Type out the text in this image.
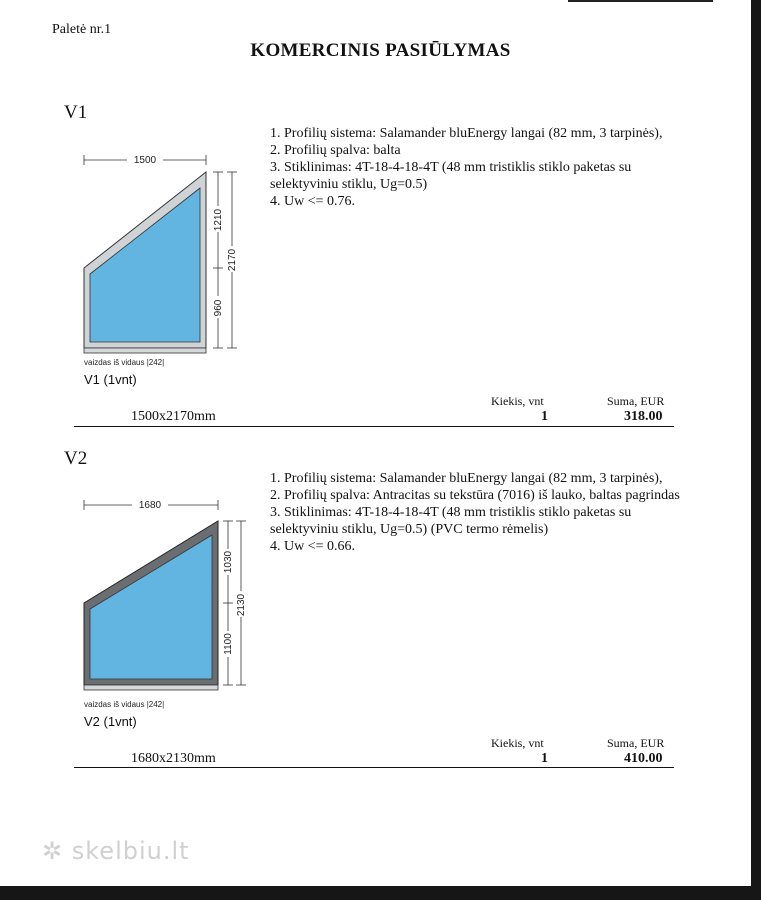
Paletė nr.1
KOMERCINIS PASIŪLYMAS
V1
1500
1210
2170
960
vaizdas iš vidaus |242|
V1 (1vnt)
1. Profilių sistema: Salamander bluEnergy langai (82 mm, 3 tarpinės),
2. Profilių spalva: balta
3. Stiklinimas: 4T-18-4-18-4T (48 mm tristiklis stiklo paketas su selektyviniu stiklu, Ug=0.5)
4. Uw <= 0.76.
Kiekis, vnt	Suma, EUR
1500x2170mm	1	318.00
V2
1680
1030
2130
1100
vaizdas iš vidaus |242|
V2 (1vnt)
1. Profilių sistema: Salamander bluEnergy langai (82 mm, 3 tarpinės),
2. Profilių spalva: Antracitas su tekstūra (7016) iš lauko, baltas pagrindas
3. Stiklinimas: 4T-18-4-18-4T (48 mm tristiklis stiklo paketas su selektyviniu stiklu, Ug=0.5) (PVC termo rėmelis)
4. Uw <= 0.66.
Kiekis, vnt	Suma, EUR
1680x2130mm	1	410.00
✲ skelbiu.lt
